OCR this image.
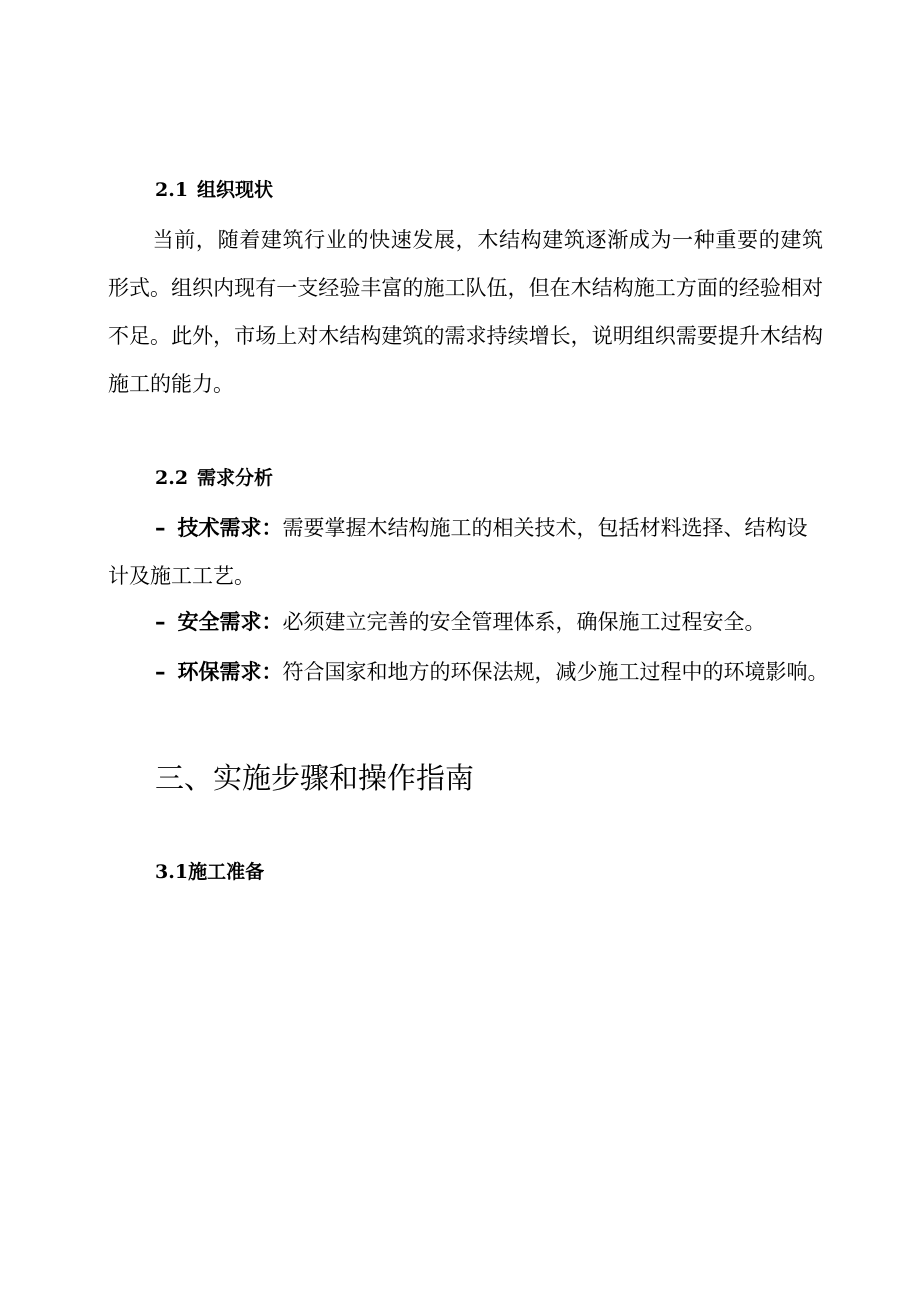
2.1 组织现状
当前，随着建筑行业的快速发展，木结构建筑逐渐成为一种重要的建筑形式。组织内现有一支经验丰富的施工队伍，但在木结构施工方面的经验相对不足。此外，市场上对木结构建筑的需求持续增长，说明组织需要提升木结构施工的能力。
2.2 需求分析
– 技术需求：需要掌握木结构施工的相关技术，包括材料选择、结构设计及施工工艺。
– 安全需求：必须建立完善的安全管理体系，确保施工过程安全。
– 环保需求：符合国家和地方的环保法规，减少施工过程中的环境影响。
三、实施步骤和操作指南
3.1施工准备
